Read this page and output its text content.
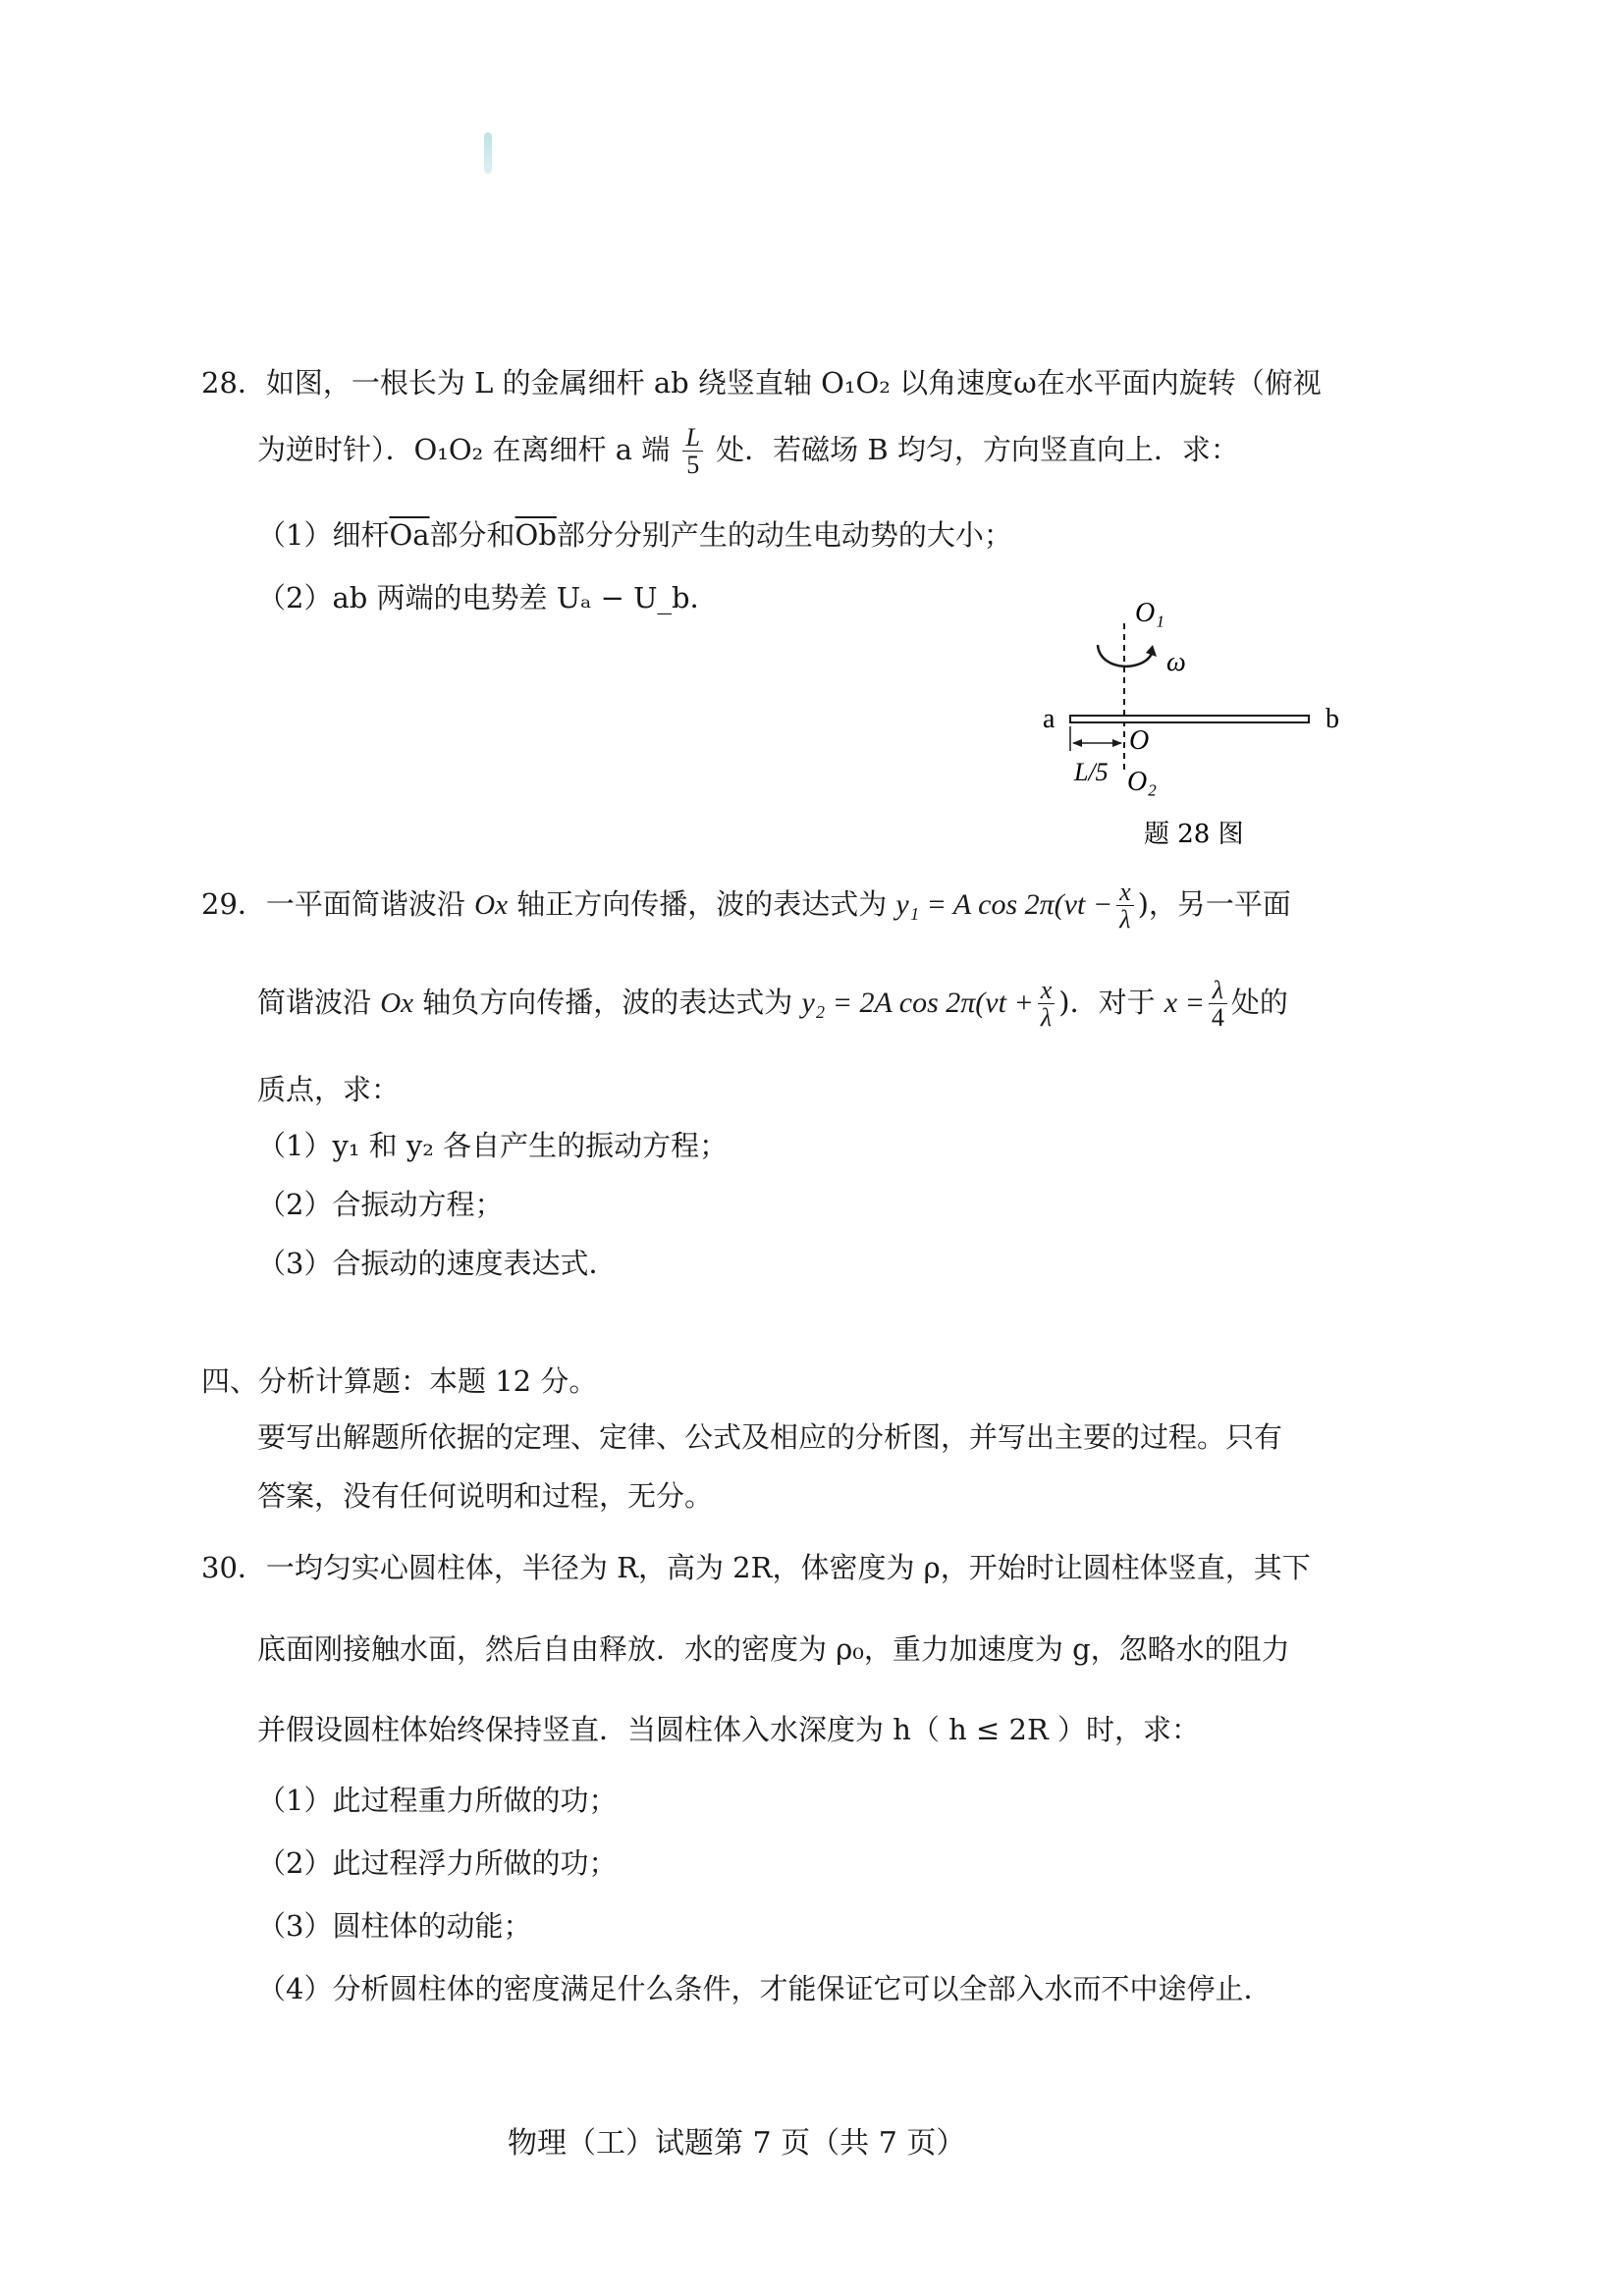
28．如图，一根长为 L 的金属细杆 ab 绕竖直轴 O₁O₂ 以角速度ω在水平面内旋转（俯视
为逆时针）．O₁O₂ 在离细杆 a 端 $\frac{L}{5}$ 处．若磁场 B 均匀，方向竖直向上．求：
（1）细杆$\overline{Oa}$部分和$\overline{Ob}$部分分别产生的动生电动势的大小；
（2）ab 两端的电势差 Uₐ − U_b．	O₁
ω
a	b
O
L/5 O₂
题 28 图
29．一平面简谐波沿 Ox 轴正方向传播，波的表达式为 y₁ = A $\cos 2\pi(\nu t - \frac{x}{\lambda}$ )，另一平面
简谐波沿 Ox 轴负方向传播，波的表达式为 y₂ = 2A $\cos 2\pi(\nu t + \frac{x}{\lambda}$ )．对于 $x = \frac{\lambda}{4}$ 处的
质点，求：
（1）y₁ 和 y₂ 各自产生的振动方程；
（2）合振动方程；
（3）合振动的速度表达式．
四、分析计算题：本题 12 分。
要写出解题所依据的定理、定律、公式及相应的分析图，并写出主要的过程。只有
答案，没有任何说明和过程，无分。
30．一均匀实心圆柱体，半径为 R，高为 2R，体密度为 ρ，开始时让圆柱体竖直，其下
底面刚接触水面，然后自由释放．水的密度为 ρ₀，重力加速度为 g，忽略水的阻力
并假设圆柱体始终保持竖直．当圆柱体入水深度为 h（ h ≤ 2R ）时，求：
（1）此过程重力所做的功；
（2）此过程浮力所做的功；
（3）圆柱体的动能；
（4）分析圆柱体的密度满足什么条件，才能保证它可以全部入水而不中途停止．
物理（工）试题第 7 页（共 7 页）
